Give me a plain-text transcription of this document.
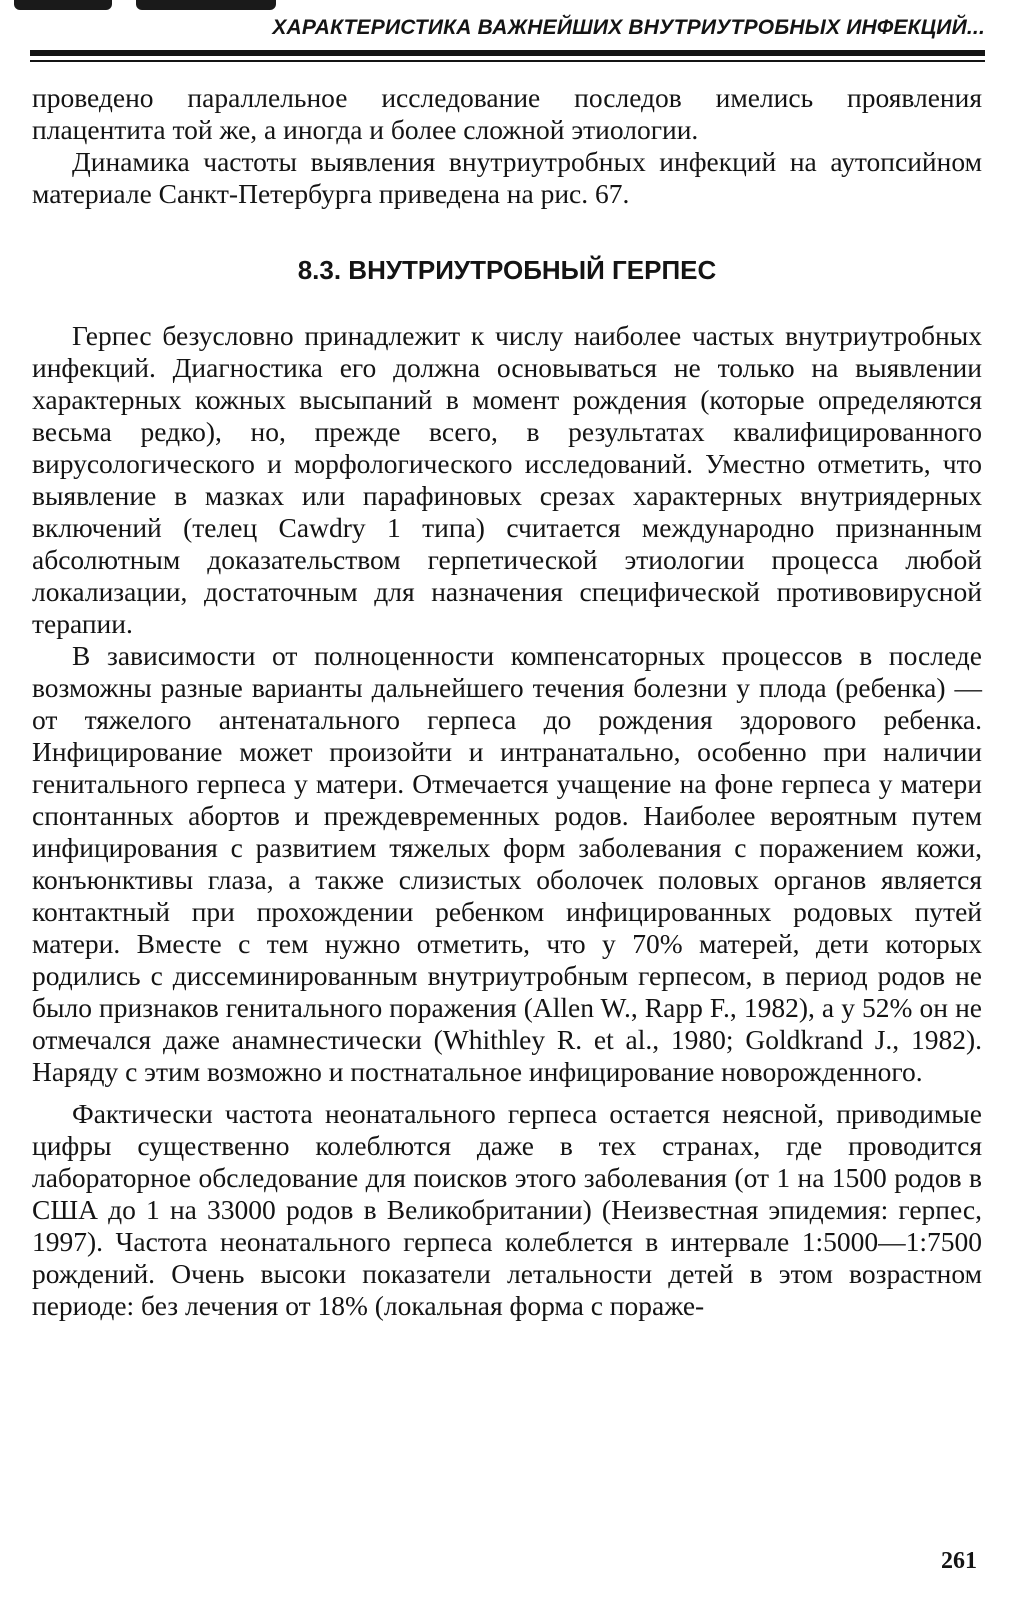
ХАРАКТЕРИСТИКА ВАЖНЕЙШИХ ВНУТРИУТРОБНЫХ ИНФЕКЦИЙ...

проведено параллельное исследование последов имелись проявления плацентита той же, а иногда и более сложной этиологии.

Динамика частоты выявления внутриутробных инфекций на аутопсийном материале Санкт-Петербурга приведена на рис. 67.

8.3. ВНУТРИУТРОБНЫЙ ГЕРПЕС

Герпес безусловно принадлежит к числу наиболее частых внутриутробных инфекций. Диагностика его должна основываться не только на выявлении характерных кожных высыпаний в момент рождения (которые определяются весьма редко), но, прежде всего, в результатах квалифицированного вирусологического и морфологического исследований. Уместно отметить, что выявление в мазках или парафиновых срезах характерных внутриядерных включений (телец Cawdry 1 типа) считается международно признанным абсолютным доказательством герпетической этиологии процесса любой локализации, достаточным для назначения специфической противовирусной терапии.

В зависимости от полноценности компенсаторных процессов в последе возможны разные варианты дальнейшего течения болезни у плода (ребенка) — от тяжелого антенатального герпеса до рождения здорового ребенка. Инфицирование может произойти и интранатально, особенно при наличии генитального герпеса у матери. Отмечается учащение на фоне герпеса у матери спонтанных абортов и преждевременных родов. Наиболее вероятным путем инфицирования с развитием тяжелых форм заболевания с поражением кожи, конъюнктивы глаза, а также слизистых оболочек половых органов является контактный при прохождении ребенком инфицированных родовых путей матери. Вместе с тем нужно отметить, что у 70% матерей, дети которых родились с диссеминированным внутриутробным герпесом, в период родов не было признаков генитального поражения (Allen W., Rapp F., 1982), а у 52% он не отмечался даже анамнестически (Whithley R. et al., 1980; Goldkrand J., 1982). Наряду с этим возможно и постнатальное инфицирование новорожденного.

Фактически частота неонатального герпеса остается неясной, приводимые цифры существенно колеблются даже в тех странах, где проводится лабораторное обследование для поисков этого заболевания (от 1 на 1500 родов в США до 1 на 33000 родов в Великобритании) (Неизвестная эпидемия: герпес, 1997). Частота неонатального герпеса колеблется в интервале 1:5000—1:7500 рождений. Очень высоки показатели летальности детей в этом возрастном периоде: без лечения от 18% (локальная форма с пораже-

261
